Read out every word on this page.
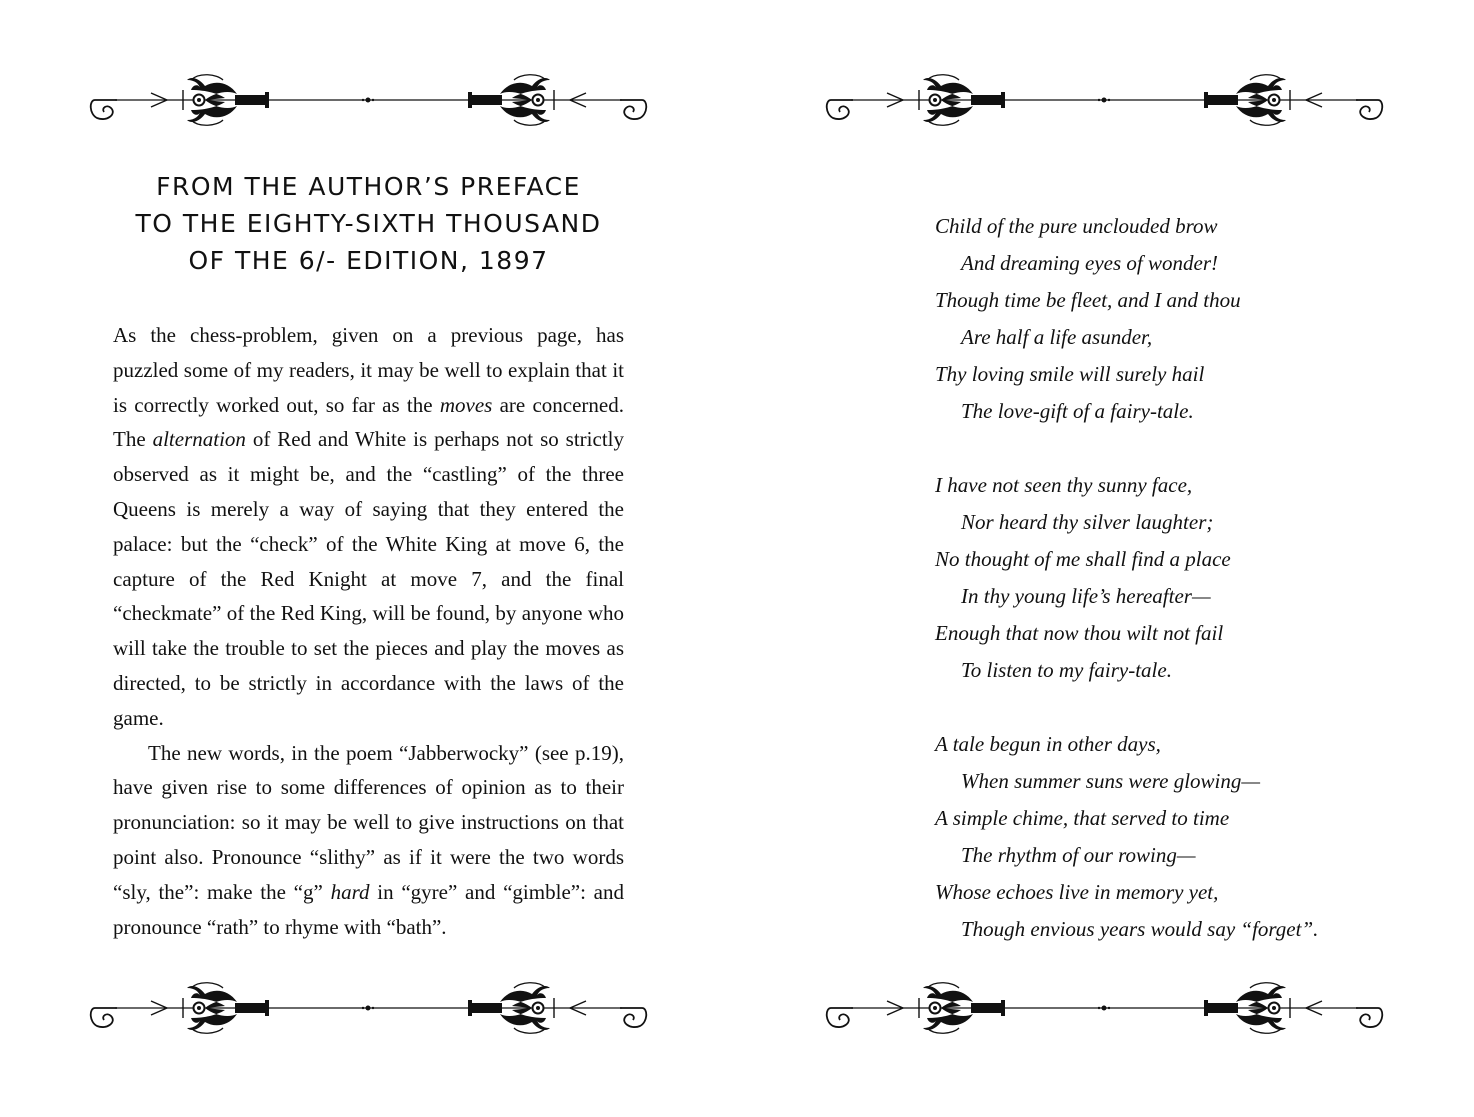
FROM THE AUTHOR’S PREFACE
TO THE EIGHTY-SIXTH THOUSAND
OF THE 6/- EDITION, 1897

As the chess-problem, given on a previous page, has puzzled some of my readers, it may be well to explain that it is correctly worked out, so far as the moves are concerned. The alternation of Red and White is perhaps not so strictly observed as it might be, and the “castling” of the three Queens is merely a way of saying that they entered the palace: but the “check” of the White King at move 6, the capture of the Red Knight at move 7, and the final “checkmate” of the Red King, will be found, by anyone who will take the trouble to set the pieces and play the moves as directed, to be strictly in accordance with the laws of the game.

The new words, in the poem “Jabberwocky” (see p.19), have given rise to some differences of opinion as to their pronunciation: so it may be well to give instructions on that point also. Pronounce “slithy” as if it were the two words “sly, the”: make the “g” hard in “gyre” and “gimble”: and pronounce “rath” to rhyme with “bath”.

Child of the pure unclouded brow
And dreaming eyes of wonder!
Though time be fleet, and I and thou
Are half a life asunder,
Thy loving smile will surely hail
The love-gift of a fairy-tale.
I have not seen thy sunny face,
Nor heard thy silver laughter;
No thought of me shall find a place
In thy young life’s hereafter—
Enough that now thou wilt not fail
To listen to my fairy-tale.
A tale begun in other days,
When summer suns were glowing—
A simple chime, that served to time
The rhythm of our rowing—
Whose echoes live in memory yet,
Though envious years would say “forget”.
